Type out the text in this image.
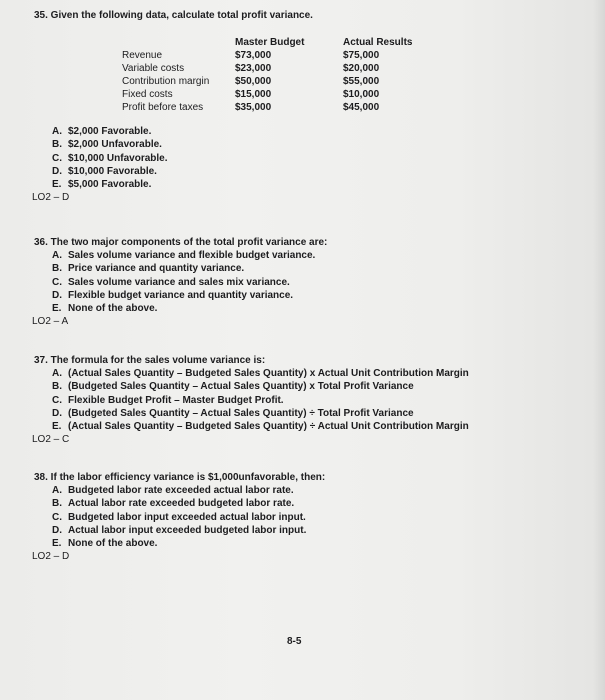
35. Given the following data, calculate total profit variance.
	Master Budget	Actual Results
Revenue	$73,000	$75,000
Variable costs	$23,000	$20,000
Contribution margin	$50,000	$55,000
Fixed costs	$15,000	$10,000
Profit before taxes	$35,000	$45,000
A. $2,000 Favorable.
B. $2,000 Unfavorable.
C. $10,000 Unfavorable.
D. $10,000 Favorable.
E. $5,000 Favorable.
LO2 – D
36. The two major components of the total profit variance are:
A. Sales volume variance and flexible budget variance.
B. Price variance and quantity variance.
C. Sales volume variance and sales mix variance.
D. Flexible budget variance and quantity variance.
E. None of the above.
LO2 – A
37. The formula for the sales volume variance is:
A. (Actual Sales Quantity – Budgeted Sales Quantity) x Actual Unit Contribution Margin
B. (Budgeted Sales Quantity – Actual Sales Quantity) x Total Profit Variance
C. Flexible Budget Profit – Master Budget Profit.
D. (Budgeted Sales Quantity – Actual Sales Quantity) ÷ Total Profit Variance
E. (Actual Sales Quantity – Budgeted Sales Quantity) ÷ Actual Unit Contribution Margin
LO2 – C
38. If the labor efficiency variance is $1,000unfavorable, then:
A. Budgeted labor rate exceeded actual labor rate.
B. Actual labor rate exceeded budgeted labor rate.
C. Budgeted labor input exceeded actual labor input.
D. Actual labor input exceeded budgeted labor input.
E. None of the above.
LO2 – D
8-5
